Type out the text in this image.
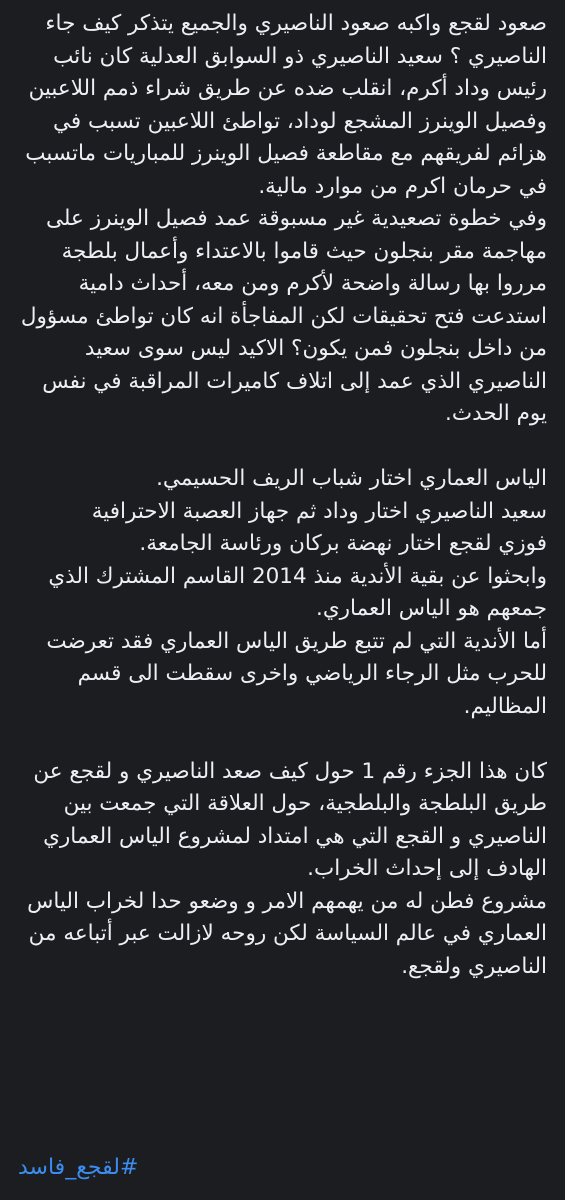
صعود لقجع واكبه صعود الناصيري والجميع يتذكر كيف جاء
الناصيري ؟ سعيد الناصيري ذو السوابق العدلية كان نائب
رئيس وداد أكرم، انقلب ضده عن طريق شراء ذمم اللاعبين
وفصيل الوينرز المشجع لوداد، تواطئ اللاعبين تسبب في
هزائم لفريقهم مع مقاطعة فصيل الوينرز للمباريات ماتسبب
في حرمان اكرم من موارد مالية.
وفي خطوة تصعيدية غير مسبوقة عمد فصيل الوينرز على
مهاجمة مقر بنجلون حيث قاموا بالاعتداء وأعمال بلطجة
مرروا بها رسالة واضحة لأكرم ومن معه، أحداث دامية
استدعت فتح تحقيقات لكن المفاجأة انه كان تواطئ مسؤول
من داخل بنجلون فمن يكون؟ الاكيد ليس سوى سعيد
الناصيري الذي عمد إلى اتلاف كاميرات المراقبة في نفس
يوم الحدث.

الياس العماري اختار شباب الريف الحسيمي.
سعيد الناصيري اختار وداد ثم جهاز العصبة الاحترافية
فوزي لقجع اختار نهضة بركان ورئاسة الجامعة.
وابحثوا عن بقية الأندية منذ 2014 القاسم المشترك الذي
جمعهم هو الياس العماري.
أما الأندية التي لم تتبع طريق الياس العماري فقد تعرضت
للحرب مثل الرجاء الرياضي واخرى سقطت الى قسم
المظاليم.

كان هذا الجزء رقم 1 حول كيف صعد الناصيري و لقجع عن
طريق البلطجة والبلطجية، حول العلاقة التي جمعت بين
الناصيري و القجع التي هي امتداد لمشروع الياس العماري
الهادف إلى إحداث الخراب.
مشروع فطن له من يهمهم الامر و وضعو حدا لخراب الياس
العماري في عالم السياسة لكن روحه لازالت عبر أتباعه من
الناصيري ولقجع.

#لقجع_فاسد
